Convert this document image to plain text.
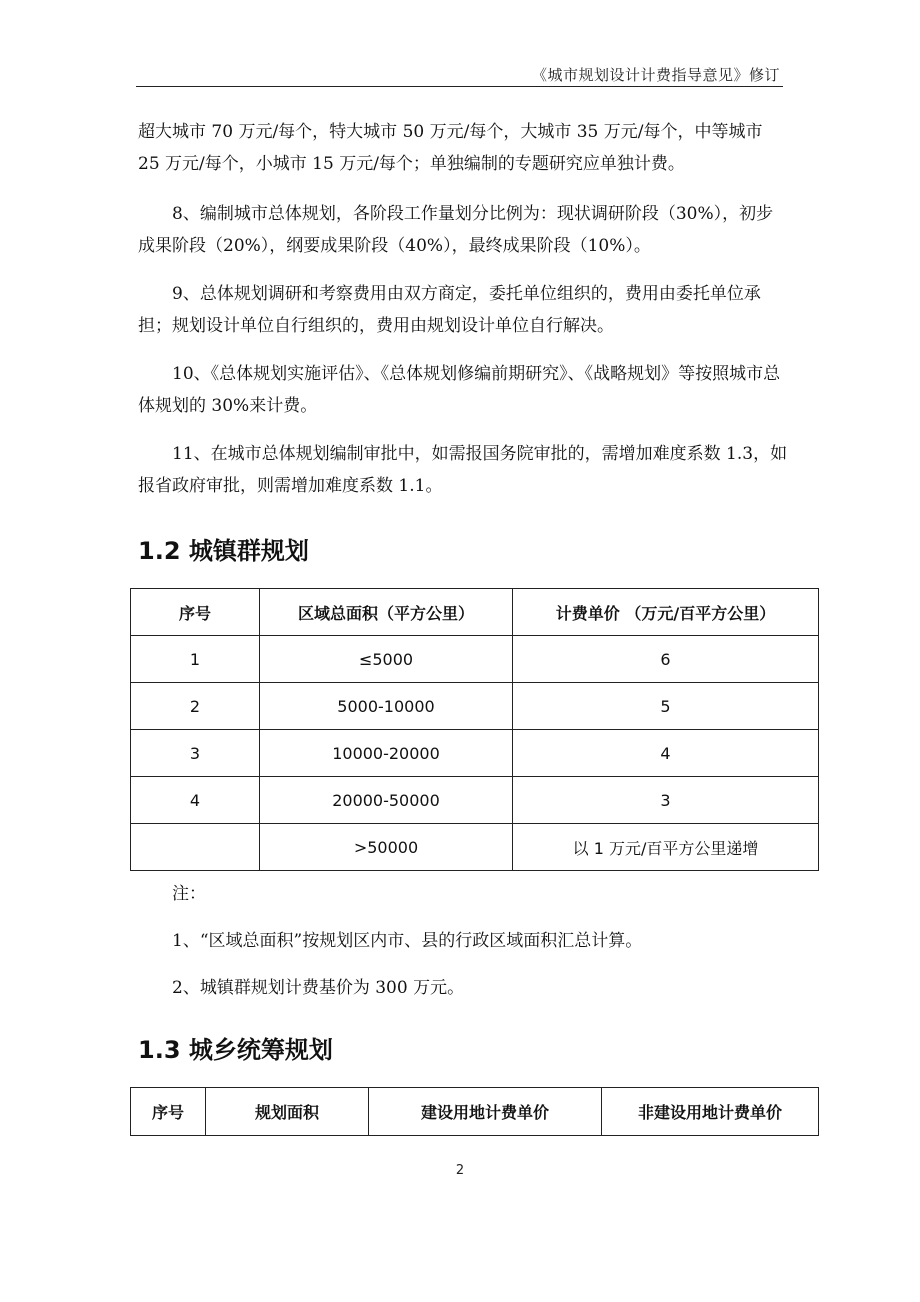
《城市规划设计计费指导意见》修订

超大城市 70 万元/每个，特大城市 50 万元/每个，大城市 35 万元/每个，中等城市 25 万元/每个，小城市 15 万元/每个；单独编制的专题研究应单独计费。

8、编制城市总体规划，各阶段工作量划分比例为：现状调研阶段（30%），初步成果阶段（20%），纲要成果阶段（40%），最终成果阶段（10%）。

9、总体规划调研和考察费用由双方商定，委托单位组织的，费用由委托单位承担；规划设计单位自行组织的，费用由规划设计单位自行解决。

10、《总体规划实施评估》、《总体规划修编前期研究》、《战略规划》等按照城市总体规划的 30%来计费。

11、在城市总体规划编制审批中，如需报国务院审批的，需增加难度系数 1.3，如报省政府审批，则需增加难度系数 1.1。

1.2 城镇群规划
序号	区域总面积（平方公里）	计费单价 （万元/百平方公里）
1	≤5000	6
2	5000-10000	5
3	10000-20000	4
4	20000-50000	3
	>50000	以 1 万元/百平方公里递增
注：
1、“区域总面积”按规划区内市、县的行政区域面积汇总计算。
2、城镇群规划计费基价为 300 万元。
1.3 城乡统筹规划
序号	规划面积	建设用地计费单价	非建设用地计费单价
2
